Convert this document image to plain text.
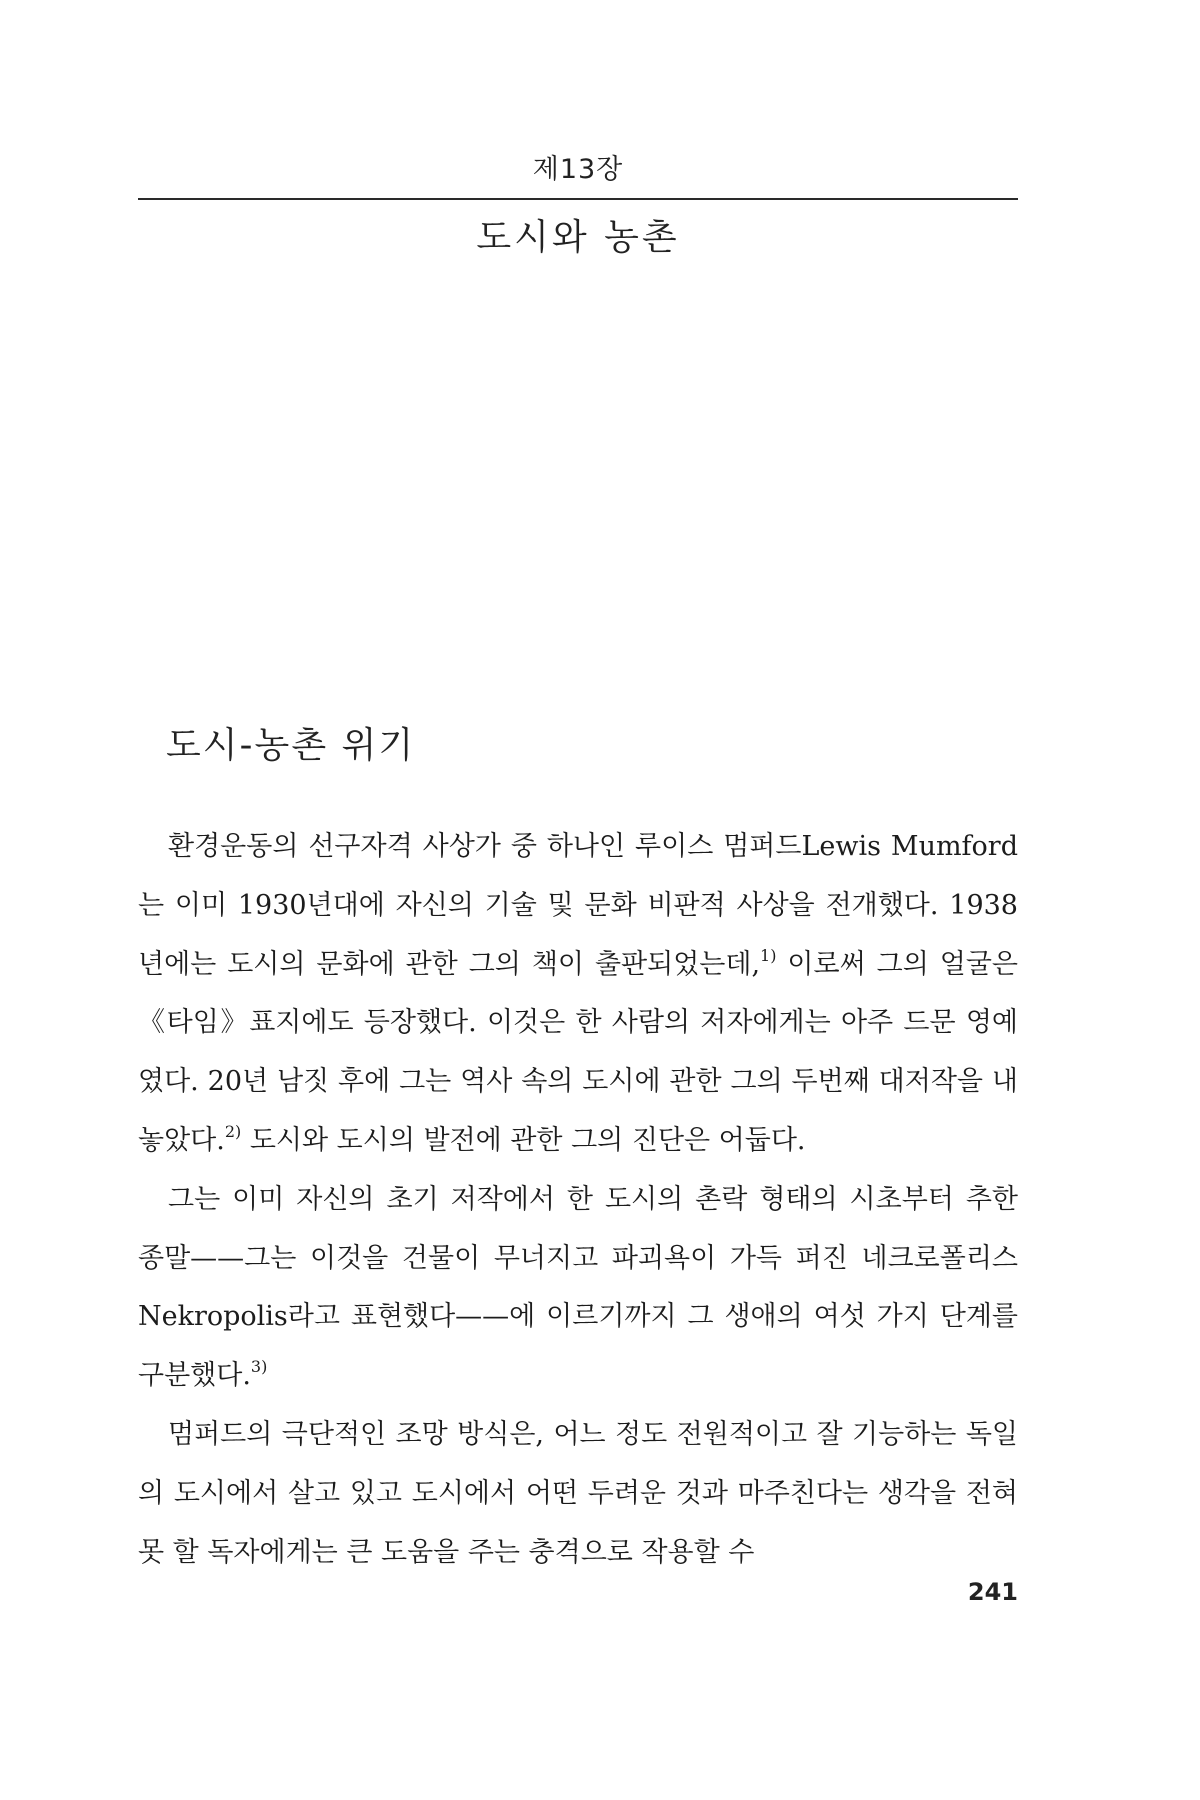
제13장
도시와 농촌
도시-농촌 위기

환경운동의 선구자격 사상가 중 하나인 루이스 멈퍼드Lewis Mumford는 이미 1930년대에 자신의 기술 및 문화 비판적 사상을 전개했다. 1938년에는 도시의 문화에 관한 그의 책이 출판되었는데,$^{1)}$ 이로써 그의 얼굴은《타임》표지에도 등장했다. 이것은 한 사람의 저자에게는 아주 드문 영예였다. 20년 남짓 후에 그는 역사 속의 도시에 관한 그의 두번째 대저작을 내놓았다.$^{2)}$ 도시와 도시의 발전에 관한 그의 진단은 어둡다.

그는 이미 자신의 초기 저작에서 한 도시의 촌락 형태의 시초부터 추한 종말——그는 이것을 건물이 무너지고 파괴욕이 가득 퍼진 네크로폴리스Nekropolis라고 표현했다——에 이르기까지 그 생애의 여섯 가지 단계를 구분했다.$^{3)}$

멈퍼드의 극단적인 조망 방식은, 어느 정도 전원적이고 잘 기능하는 독일의 도시에서 살고 있고 도시에서 어떤 두려운 것과 마주친다는 생각을 전혀 못 할 독자에게는 큰 도움을 주는 충격으로 작용할 수

241
